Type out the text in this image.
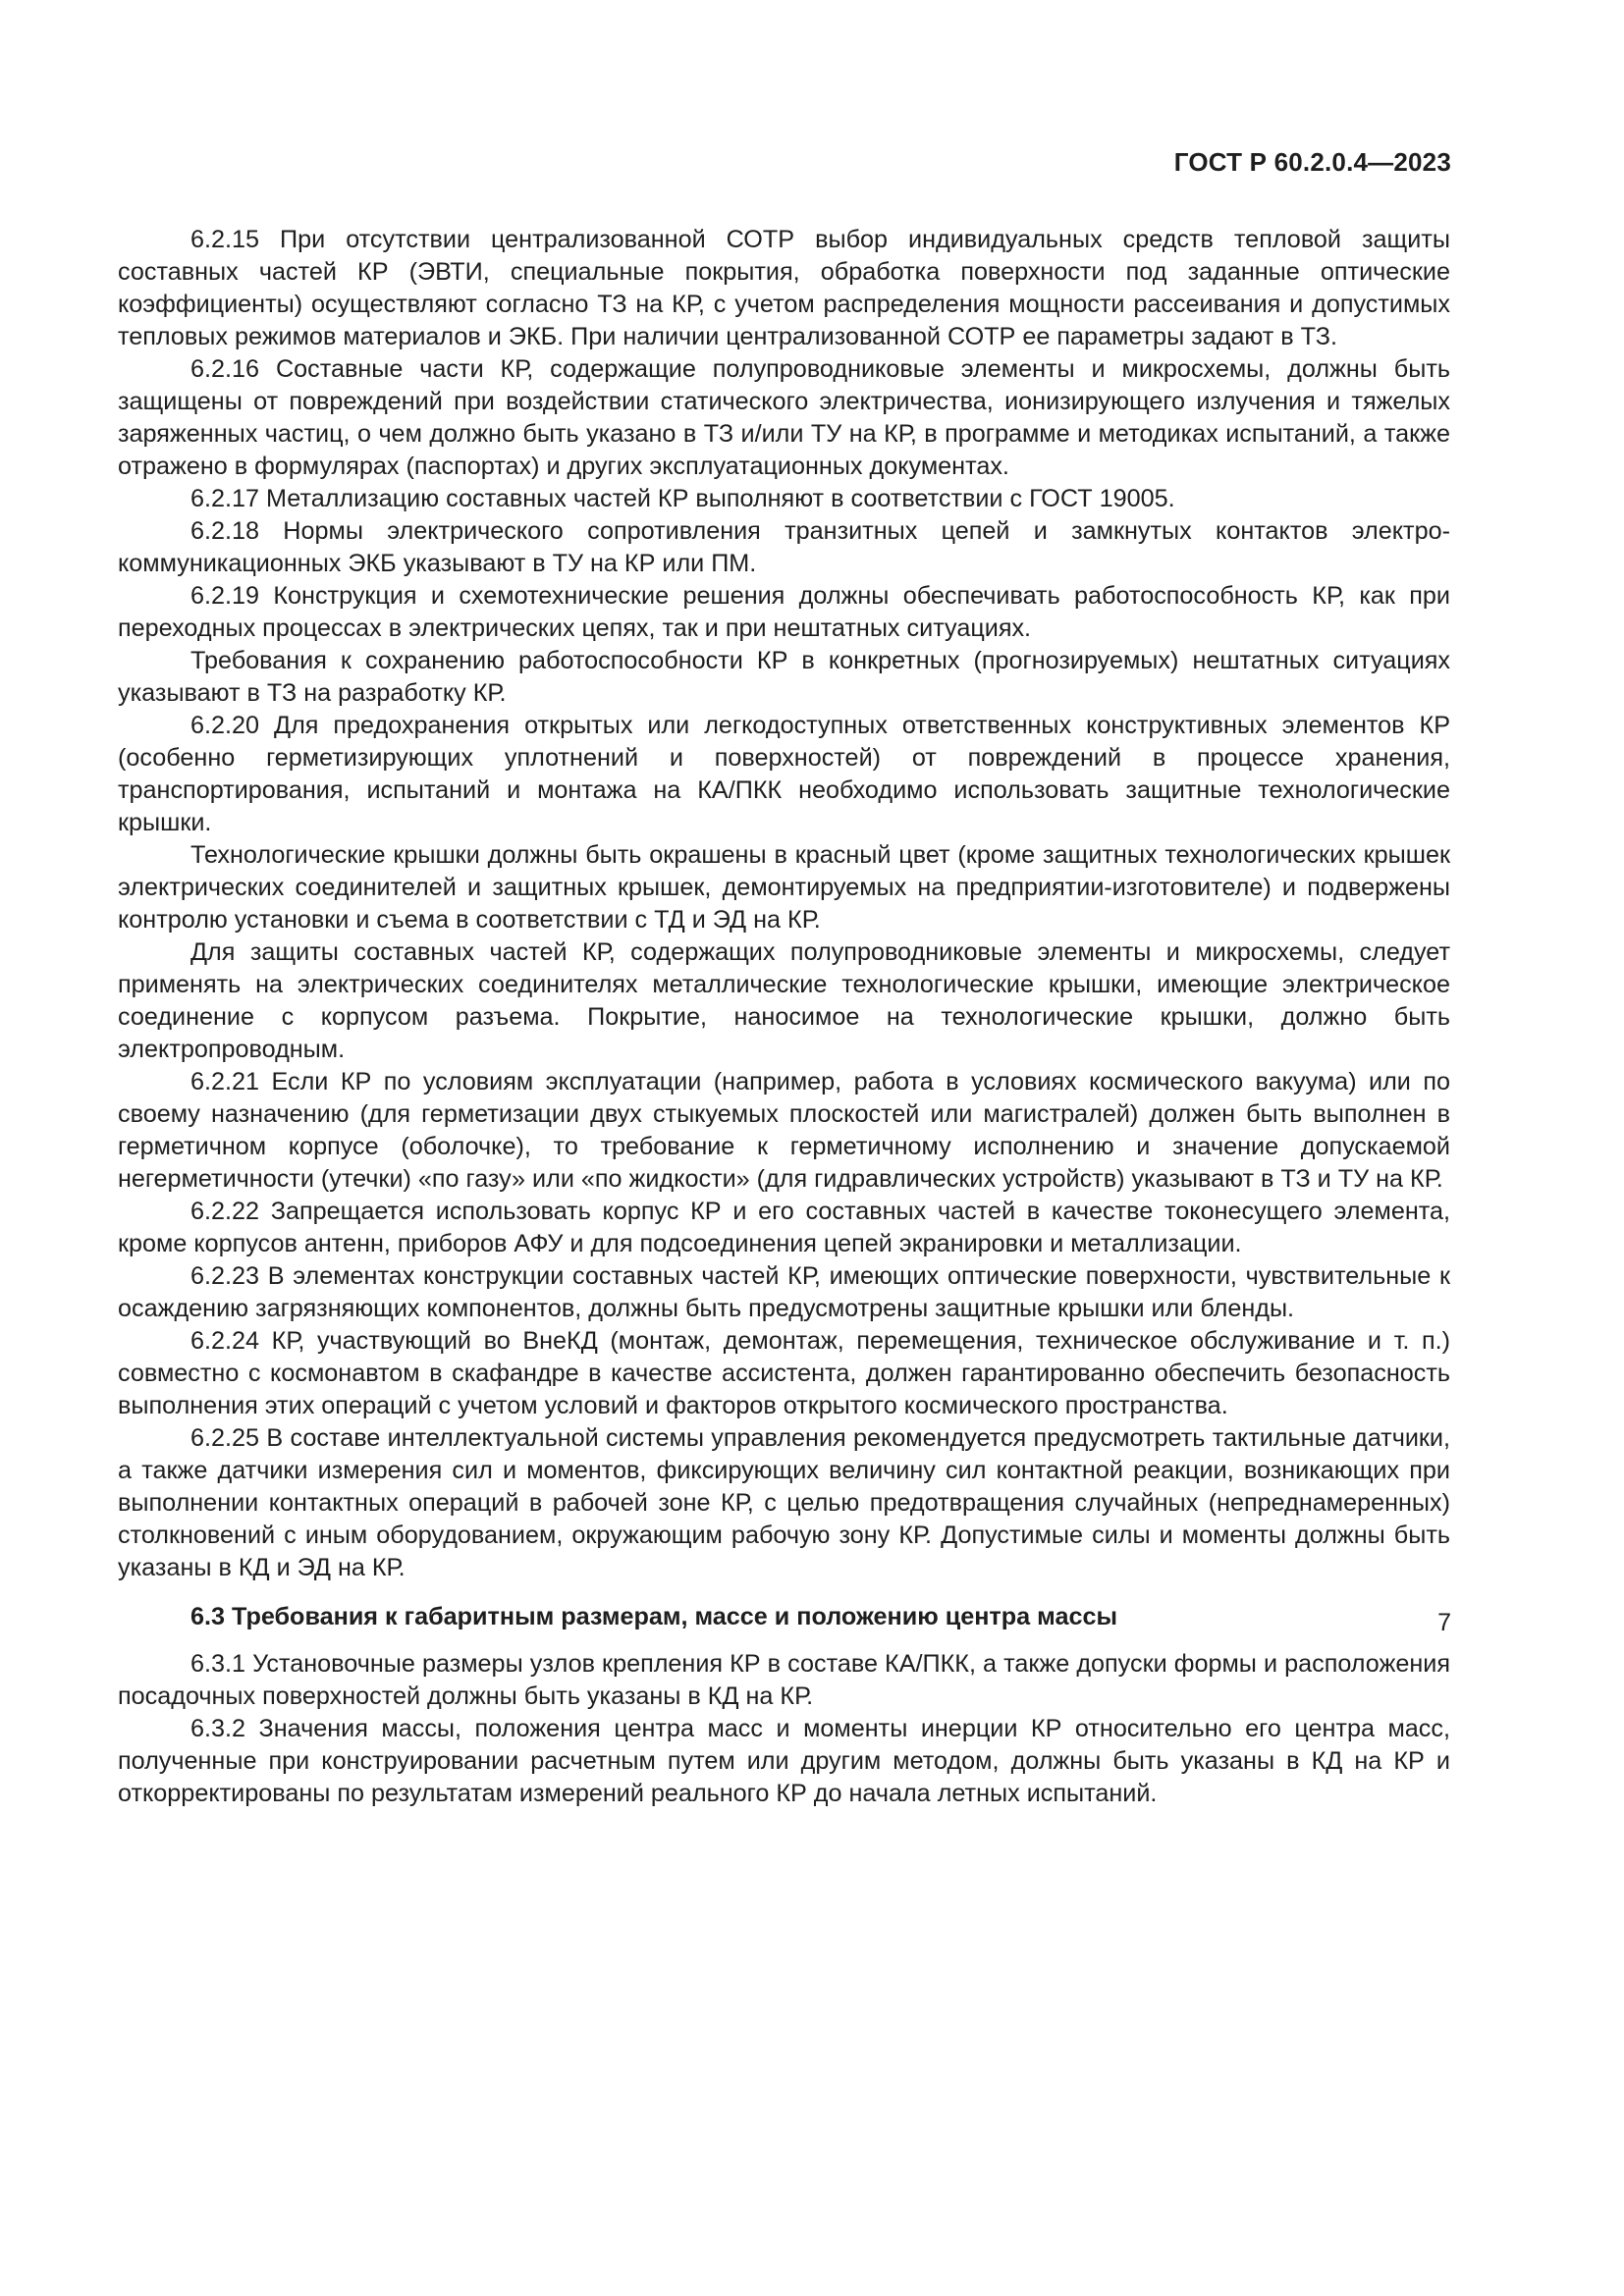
ГОСТ Р 60.2.0.4—2023

6.2.15 При отсутствии централизованной СОТР выбор индивидуальных средств тепловой защиты составных частей КР (ЭВТИ, специальные покрытия, обработка поверхности под заданные оптические коэффициенты) осуществляют согласно ТЗ на КР, с учетом распределения мощности рассеивания и допустимых тепловых режимов материалов и ЭКБ. При наличии централизованной СОТР ее параметры задают в ТЗ.

6.2.16 Составные части КР, содержащие полупроводниковые элементы и микросхемы, должны быть защищены от повреждений при воздействии статического электричества, ионизирующего излучения и тяжелых заряженных частиц, о чем должно быть указано в ТЗ и/или ТУ на КР, в программе и методиках испытаний, а также отражено в формулярах (паспортах) и других эксплуатационных документах.

6.2.17 Металлизацию составных частей КР выполняют в соответствии с ГОСТ 19005.

6.2.18 Нормы электрического сопротивления транзитных цепей и замкнутых контактов электрокоммуникационных ЭКБ указывают в ТУ на КР или ПМ.

6.2.19 Конструкция и схемотехнические решения должны обеспечивать работоспособность КР, как при переходных процессах в электрических цепях, так и при нештатных ситуациях.

Требования к сохранению работоспособности КР в конкретных (прогнозируемых) нештатных ситуациях указывают в ТЗ на разработку КР.

6.2.20 Для предохранения открытых или легкодоступных ответственных конструктивных элементов КР (особенно герметизирующих уплотнений и поверхностей) от повреждений в процессе хранения, транспортирования, испытаний и монтажа на КА/ПКК необходимо использовать защитные технологические крышки.

Технологические крышки должны быть окрашены в красный цвет (кроме защитных технологических крышек электрических соединителей и защитных крышек, демонтируемых на предприятии-изготовителе) и подвержены контролю установки и съема в соответствии с ТД и ЭД на КР.

Для защиты составных частей КР, содержащих полупроводниковые элементы и микросхемы, следует применять на электрических соединителях металлические технологические крышки, имеющие электрическое соединение с корпусом разъема. Покрытие, наносимое на технологические крышки, должно быть электропроводным.

6.2.21 Если КР по условиям эксплуатации (например, работа в условиях космического вакуума) или по своему назначению (для герметизации двух стыкуемых плоскостей или магистралей) должен быть выполнен в герметичном корпусе (оболочке), то требование к герметичному исполнению и значение допускаемой негерметичности (утечки) «по газу» или «по жидкости» (для гидравлических устройств) указывают в ТЗ и ТУ на КР.

6.2.22 Запрещается использовать корпус КР и его составных частей в качестве токонесущего элемента, кроме корпусов антенн, приборов АФУ и для подсоединения цепей экранировки и металлизации.

6.2.23 В элементах конструкции составных частей КР, имеющих оптические поверхности, чувствительные к осаждению загрязняющих компонентов, должны быть предусмотрены защитные крышки или бленды.

6.2.24 КР, участвующий во ВнеКД (монтаж, демонтаж, перемещения, техническое обслуживание и т. п.) совместно с космонавтом в скафандре в качестве ассистента, должен гарантированно обеспечить безопасность выполнения этих операций с учетом условий и факторов открытого космического пространства.

6.2.25 В составе интеллектуальной системы управления рекомендуется предусмотреть тактильные датчики, а также датчики измерения сил и моментов, фиксирующих величину сил контактной реакции, возникающих при выполнении контактных операций в рабочей зоне КР, с целью предотвращения случайных (непреднамеренных) столкновений с иным оборудованием, окружающим рабочую зону КР. Допустимые силы и моменты должны быть указаны в КД и ЭД на КР.

6.3 Требования к габаритным размерам, массе и положению центра массы

6.3.1 Установочные размеры узлов крепления КР в составе КА/ПКК, а также допуски формы и расположения посадочных поверхностей должны быть указаны в КД на КР.

6.3.2 Значения массы, положения центра масс и моменты инерции КР относительно его центра масс, полученные при конструировании расчетным путем или другим методом, должны быть указаны в КД на КР и откорректированы по результатам измерений реального КР до начала летных испытаний.

7
